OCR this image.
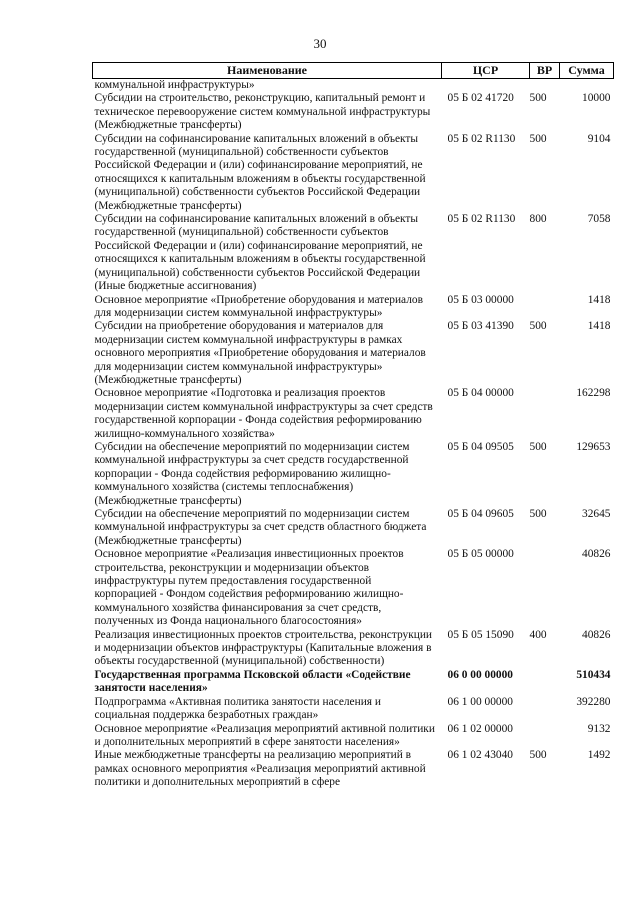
30
Наименование	ЦСР	ВР	Сумма
коммунальной инфраструктуры»			
Субсидии на строительство, реконструкцию, капитальный ремонт и техническое перевооружение систем коммунальной инфраструктуры (Межбюджетные трансферты)	05 Б 02 41720	500	10000
Субсидии на софинансирование капитальных вложений в объекты государственной (муниципальной) собственности субъектов Российской Федерации и (или) софинансирование мероприятий, не относящихся к капитальным вложениям в объекты государственной (муниципальной) собственности субъектов Российской Федерации (Межбюджетные трансферты)	05 Б 02 R1130	500	9104
Субсидии на софинансирование капитальных вложений в объекты государственной (муниципальной) собственности субъектов Российской Федерации и (или) софинансирование мероприятий, не относящихся к капитальным вложениям в объекты государственной (муниципальной) собственности субъектов Российской Федерации (Иные бюджетные ассигнования)	05 Б 02 R1130	800	7058
Основное мероприятие «Приобретение оборудования и материалов для модернизации систем коммунальной инфраструктуры»	05 Б 03 00000		1418
Субсидии на приобретение оборудования и материалов для модернизации систем коммунальной инфраструктуры в рамках основного мероприятия «Приобретение оборудования и материалов для модернизации систем коммунальной инфраструктуры» (Межбюджетные трансферты)	05 Б 03 41390	500	1418
Основное мероприятие «Подготовка и реализация проектов модернизации систем коммунальной инфраструктуры за счет средств государственной корпорации - Фонда содействия реформированию жилищно-коммунального хозяйства»	05 Б 04 00000		162298
Субсидии на обеспечение мероприятий по модернизации систем коммунальной инфраструктуры за счет средств государственной корпорации - Фонда содействия реформированию жилищно-коммунального хозяйства (системы теплоснабжения) (Межбюджетные трансферты)	05 Б 04 09505	500	129653
Субсидии на обеспечение мероприятий по модернизации систем коммунальной инфраструктуры за счет средств областного бюджета (Межбюджетные трансферты)	05 Б 04 09605	500	32645
Основное мероприятие «Реализация инвестиционных проектов строительства, реконструкции и модернизации объектов инфраструктуры путем предоставления государственной корпорацией - Фондом содействия реформированию жилищно-коммунального хозяйства финансирования за счет средств, полученных из Фонда национального благосостояния»	05 Б 05 00000		40826
Реализация инвестиционных проектов строительства, реконструкции и модернизации объектов инфраструктуры (Капитальные вложения в объекты государственной (муниципальной) собственности)	05 Б 05 15090	400	40826
Государственная программа Псковской области «Содействие занятости населения»	06 0 00 00000		510434
Подпрограмма «Активная политика занятости населения и социальная поддержка безработных граждан»	06 1 00 00000		392280
Основное мероприятие «Реализация мероприятий активной политики и дополнительных мероприятий в сфере занятости населения»	06 1 02 00000		9132
Иные межбюджетные трансферты на реализацию мероприятий в рамках основного мероприятия «Реализация мероприятий активной политики и дополнительных мероприятий в сфере	06 1 02 43040	500	1492
